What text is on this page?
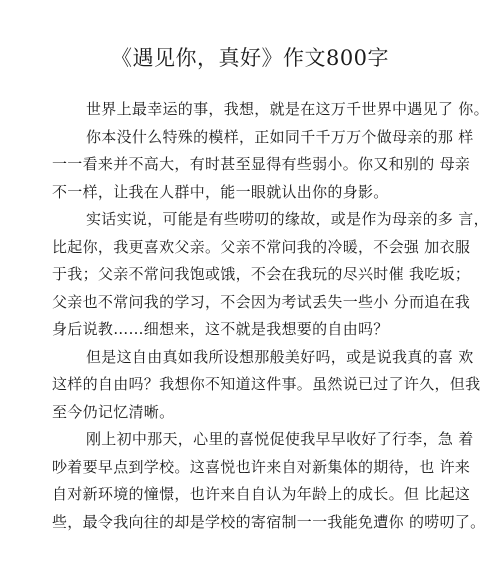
《遇见你，真好》作文800字
世界上最幸运的事，我想，就是在这万千世界中遇见了 你。
你本没什么特殊的模样，正如同千千万万个做母亲的那 样
一一看来并不高大，有时甚至显得有些弱小。你又和别的 母亲
不一样，让我在人群中，能一眼就认出你的身影。
实话实说，可能是有些唠叨的缘故，或是作为母亲的多 言，
比起你，我更喜欢父亲。父亲不常问我的冷暖，不会强 加衣服
于我；父亲不常问我饱或饿，不会在我玩的尽兴时催 我吃坂；
父亲也不常问我的学习，不会因为考试丢失一些小 分而追在我
身后说教……细想来，这不就是我想要的自由吗？
但是这自由真如我所设想那般美好吗，或是说我真的喜 欢
这样的自由吗？我想你不知道这件事。虽然说已过了许久，但我
至今仍记忆清晰。
刚上初中那天，心里的喜悦促使我早早收好了行李，急 着
吵着要早点到学校。这喜悦也许来自对新集体的期待，也 许来
自对新环境的憧憬，也许来自自认为年龄上的成长。但 比起这
些，最令我向往的却是学校的寄宿制一一我能免遭你 的唠叨了。
